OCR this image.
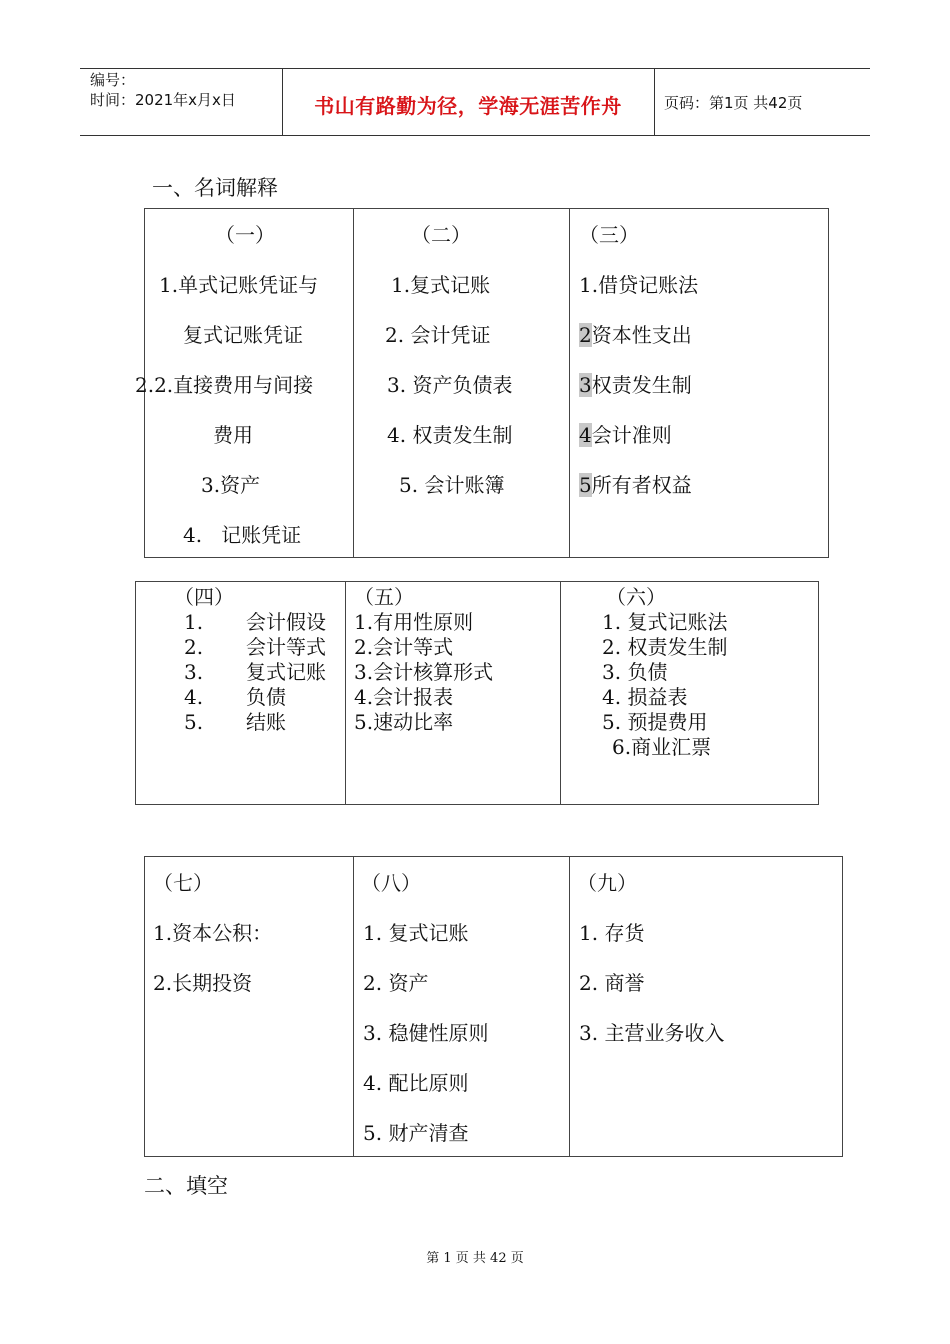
编号：
时间：2021年x月x日	书山有路勤为径，学海无涯苦作舟	页码：第1页 共42页
一、名词解释
（一）
1.单式记账凭证与
复式记账凭证
2.2.直接费用与间接
费用
3.资产
4.   记账凭证
（二）
1.复式记账
2. 会计凭证
3. 资产负债表
4. 权责发生制
5. 会计账簿
（三）
1.借贷记账法
2资本性支出
3权责发生制
4会计准则
5所有者权益
（四）
1. 会计假设
2. 会计等式
3. 复式记账
4. 负债
5. 结账
（五）
1.有用性原则
2.会计等式
3.会计核算形式
4.会计报表
5.速动比率
（六）
1. 复式记账法
2. 权责发生制
3. 负债
4. 损益表
5. 预提费用
6.商业汇票
（七）
1.资本公积：
2.长期投资
（八）
1. 复式记账
2. 资产
3. 稳健性原则
4. 配比原则
5. 财产清查
（九）
1. 存货
2. 商誉
3. 主营业务收入
二、填空
第 1 页 共 42 页
